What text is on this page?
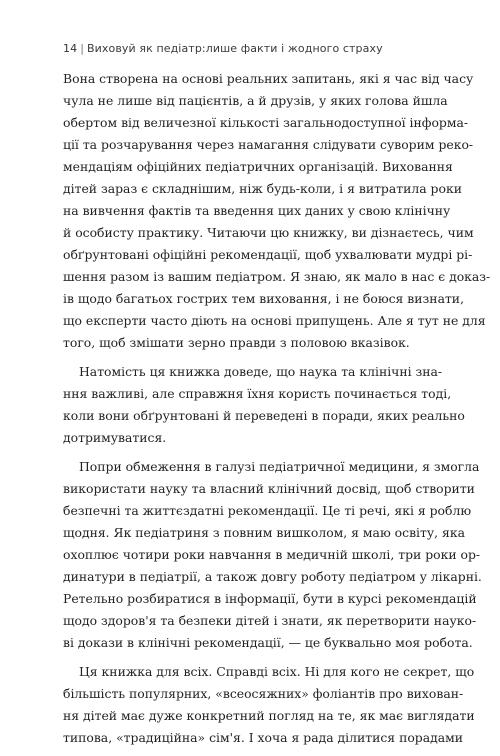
14 | Виховуй як педіатр:лише факти і жодного страху
Вона створена на основі реальних запитань, які я час від часу
чула не лише від пацієнтів, а й друзів, у яких голова йшла
обертом від величезної кількості загальнодоступної інформа-
ції та розчарування через намагання слідувати суворим реко-
мендаціям офіційних педіатричних організацій. Виховання
дітей зараз є складнішим, ніж будь-коли, і я витратила роки
на вивчення фактів та введення цих даних у свою клінічну
й особисту практику. Читаючи цю книжку, ви дізнаєтесь, чим
обґрунтовані офіційні рекомендації, щоб ухвалювати мудрі рі-
шення разом із вашим педіатром. Я знаю, як мало в нас є доказ-
ів щодо багатьох гострих тем виховання, і не боюся визнати,
що експерти часто діють на основі припущень. Але я тут не для
того, щоб змішати зерно правди з половою вказівок.
Натомість ця книжка доведе, що наука та клінічні зна-
ння важливі, але справжня їхня користь починається тоді,
коли вони обґрунтовані й переведені в поради, яких реально
дотримуватися.
Попри обмеження в галузі педіатричної медицини, я змогла
використати науку та власний клінічний досвід, щоб створити
безпечні та життєздатні рекомендації. Це ті речі, які я роблю
щодня. Як педіатриня з повним вишколом, я маю освіту, яка
охоплює чотири роки навчання в медичній школі, три роки ор-
динатури в педіатрії, а також довгу роботу педіатром у лікарні.
Ретельно розбиратися в інформації, бути в курсі рекомендацій
щодо здоров'я та безпеки дітей і знати, як перетворити науко-
ві докази в клінічні рекомендації, — це буквально моя робота.
Ця книжка для всіх. Справді всіх. Ні для кого не секрет, що
більшість популярних, «всеосяжних» фоліантів про вихован-
ня дітей має дуже конкретний погляд на те, як має виглядати
типова, «традиційна» сім'я. І хоча я рада ділитися порадами
